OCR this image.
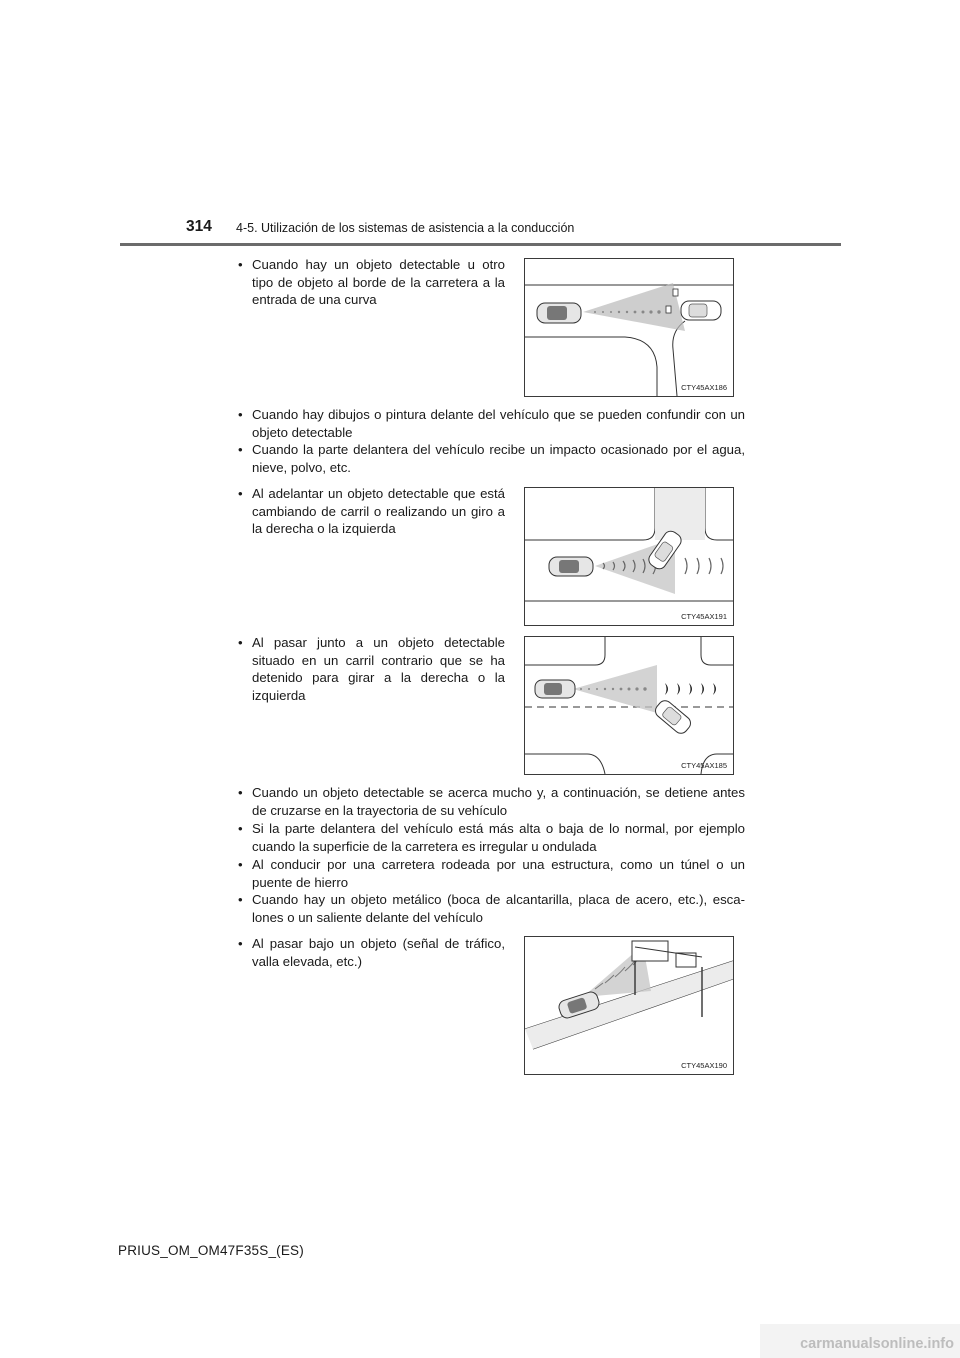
314 4-5. Utilización de los sistemas de asistencia a la conducción
• Cuando hay un objeto detectable u otro tipo de objeto al borde de la carretera a la entrada de una curva
CTY45AX186
• Cuando hay dibujos o pintura delante del vehículo que se pueden confundir con un objeto detectable
• Cuando la parte delantera del vehículo recibe un impacto ocasionado por el agua, nieve, polvo, etc.
• Al adelantar un objeto detectable que está cambiando de carril o realizando un giro a la derecha o la izquierda
CTY45AX191
• Al pasar junto a un objeto detectable situado en un carril contrario que se ha detenido para girar a la derecha o la izquierda
CTY45AX185
• Cuando un objeto detectable se acerca mucho y, a continuación, se detiene antes de cruzarse en la trayectoria de su vehículo
• Si la parte delantera del vehículo está más alta o baja de lo normal, por ejemplo cuando la superficie de la carretera es irregular u ondulada
• Al conducir por una carretera rodeada por una estructura, como un túnel o un puente de hierro
• Cuando hay un objeto metálico (boca de alcantarilla, placa de acero, etc.), esca-lones o un saliente delante del vehículo
• Al pasar bajo un objeto (señal de tráfico, valla elevada, etc.)
CTY45AX190
PRIUS_OM_OM47F35S_(ES)
carmanualsonline.info
